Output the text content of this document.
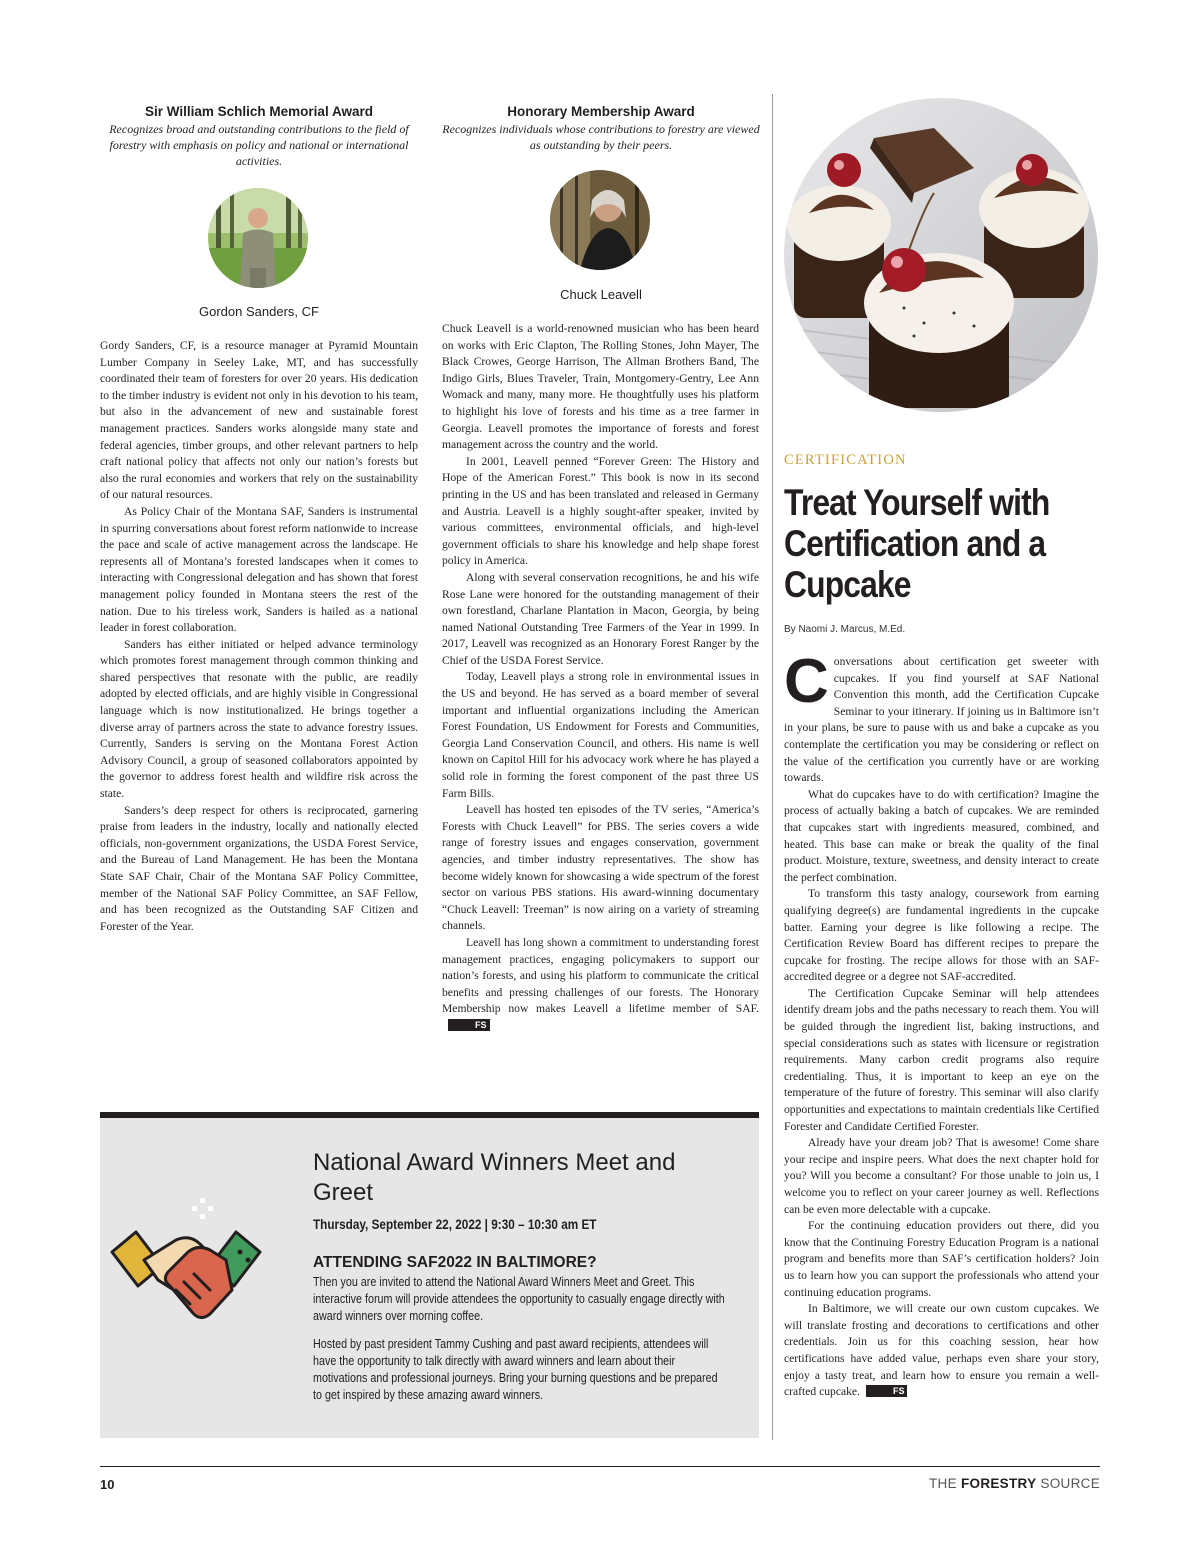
Sir William Schlich Memorial Award

Recognizes broad and outstanding contributions to the field of forestry with emphasis on policy and national or international activities.

Gordon Sanders, CF

Gordy Sanders, CF, is a resource manager at Pyramid Mountain Lumber Company in Seeley Lake, MT, and has successfully coordinated their team of foresters for over 20 years. His dedication to the timber industry is evident not only in his devotion to his team, but also in the advancement of new and sustainable forest management practices. Sanders works alongside many state and federal agencies, timber groups, and other relevant partners to help craft national policy that affects not only our nation’s forests but also the rural economies and workers that rely on the sustainability of our natural resources.

As Policy Chair of the Montana SAF, Sanders is instrumental in spurring conversations about forest reform nationwide to increase the pace and scale of active management across the landscape. He represents all of Montana’s forested landscapes when it comes to interacting with Congressional delegation and has shown that forest management policy founded in Montana steers the rest of the nation. Due to his tireless work, Sanders is hailed as a national leader in forest collaboration.

Sanders has either initiated or helped advance terminology which promotes forest management through common thinking and shared perspectives that resonate with the public, are readily adopted by elected officials, and are highly visible in Congressional language which is now institutionalized. He brings together a diverse array of partners across the state to advance forestry issues. Currently, Sanders is serving on the Montana Forest Action Advisory Council, a group of seasoned collaborators appointed by the governor to address forest health and wildfire risk across the state.

Sanders’s deep respect for others is reciprocated, garnering praise from leaders in the industry, locally and nationally elected officials, non-government organizations, the USDA Forest Service, and the Bureau of Land Management. He has been the Montana State SAF Chair, Chair of the Montana SAF Policy Committee, member of the National SAF Policy Committee, an SAF Fellow, and has been recognized as the Outstanding SAF Citizen and Forester of the Year.

Honorary Membership Award

Recognizes individuals whose contributions to forestry are viewed as outstanding by their peers.

Chuck Leavell

Chuck Leavell is a world-renowned musician who has been heard on works with Eric Clapton, The Rolling Stones, John Mayer, The Black Crowes, George Harrison, The Allman Brothers Band, The Indigo Girls, Blues Traveler, Train, Montgomery-Gentry, Lee Ann Womack and many, many more. He thoughtfully uses his platform to highlight his love of forests and his time as a tree farmer in Georgia. Leavell promotes the importance of forests and forest management across the country and the world.

In 2001, Leavell penned “Forever Green: The History and Hope of the American Forest.” This book is now in its second printing in the US and has been translated and released in Germany and Austria. Leavell is a highly sought-after speaker, invited by various committees, environmental officials, and high-level government officials to share his knowledge and help shape forest policy in America.

Along with several conservation recognitions, he and his wife Rose Lane were honored for the outstanding management of their own forestland, Charlane Plantation in Macon, Georgia, by being named National Outstanding Tree Farmers of the Year in 1999. In 2017, Leavell was recognized as an Honorary Forest Ranger by the Chief of the USDA Forest Service.

Today, Leavell plays a strong role in environmental issues in the US and beyond. He has served as a board member of several important and influential organizations including the American Forest Foundation, US Endowment for Forests and Communities, Georgia Land Conservation Council, and others. His name is well known on Capitol Hill for his advocacy work where he has played a solid role in forming the forest component of the past three US Farm Bills.

Leavell has hosted ten episodes of the TV series, “America’s Forests with Chuck Leavell” for PBS. The series covers a wide range of forestry issues and engages conservation, government agencies, and timber industry representatives. The show has become widely known for showcasing a wide spectrum of the forest sector on various PBS stations. His award-winning documentary “Chuck Leavell: Treeman” is now airing on a variety of streaming channels.

Leavell has long shown a commitment to understanding forest management practices, engaging policymakers to support our nation’s forests, and using his platform to communicate the critical benefits and pressing challenges of our forests. The Honorary Membership now makes Leavell a lifetime member of SAF.FS

CERTIFICATION
Treat Yourself with Certification and a Cupcake
By Naomi J. Marcus, M.Ed.

Conversations about certification get sweeter with cupcakes. If you find yourself at SAF National Convention this month, add the Certification Cupcake Seminar to your itinerary. If joining us in Baltimore isn’t in your plans, be sure to pause with us and bake a cupcake as you contemplate the certification you may be considering or reflect on the value of the certification you currently have or are working towards.

What do cupcakes have to do with certification? Imagine the process of actually baking a batch of cupcakes. We are reminded that cupcakes start with ingredients measured, combined, and heated. This base can make or break the quality of the final product. Moisture, texture, sweetness, and density interact to create the perfect combination.

To transform this tasty analogy, coursework from earning qualifying degree(s) are fundamental ingredients in the cupcake batter. Earning your degree is like following a recipe. The Certification Review Board has different recipes to prepare the cupcake for frosting. The recipe allows for those with an SAF-accredited degree or a degree not SAF-accredited.

The Certification Cupcake Seminar will help attendees identify dream jobs and the paths necessary to reach them. You will be guided through the ingredient list, baking instructions, and special considerations such as states with licensure or registration requirements. Many carbon credit programs also require credentialing. Thus, it is important to keep an eye on the temperature of the future of forestry. This seminar will also clarify opportunities and expectations to maintain credentials like Certified Forester and Candidate Certified Forester.

Already have your dream job? That is awesome! Come share your recipe and inspire peers. What does the next chapter hold for you? Will you become a consultant? For those unable to join us, I welcome you to reflect on your career journey as well. Reflections can be even more delectable with a cupcake.

For the continuing education providers out there, did you know that the Continuing Forestry Education Program is a national program and benefits more than SAF’s certification holders? Join us to learn how you can support the professionals who attend your continuing education programs.

In Baltimore, we will create our own custom cupcakes. We will translate frosting and decorations to certifications and other credentials. Join us for this coaching session, hear how certifications have added value, perhaps even share your story, enjoy a tasty treat, and learn how to ensure you remain a well-crafted cupcake.	FS

National Award Winners Meet and Greet
Thursday, September 22, 2022 | 9:30 – 10:30 am ET
ATTENDING SAF2022 IN BALTIMORE?

Then you are invited to attend the National Award Winners Meet and Greet. This interactive forum will provide attendees the opportunity to casually engage directly with award winners over morning coffee.

Hosted by past president Tammy Cushing and past award recipients, attendees will have the opportunity to talk directly with award winners and learn about their motivations and professional journeys. Bring your burning questions and be prepared to get inspired by these amazing award winners.

10	THE FORESTRY SOURCE
